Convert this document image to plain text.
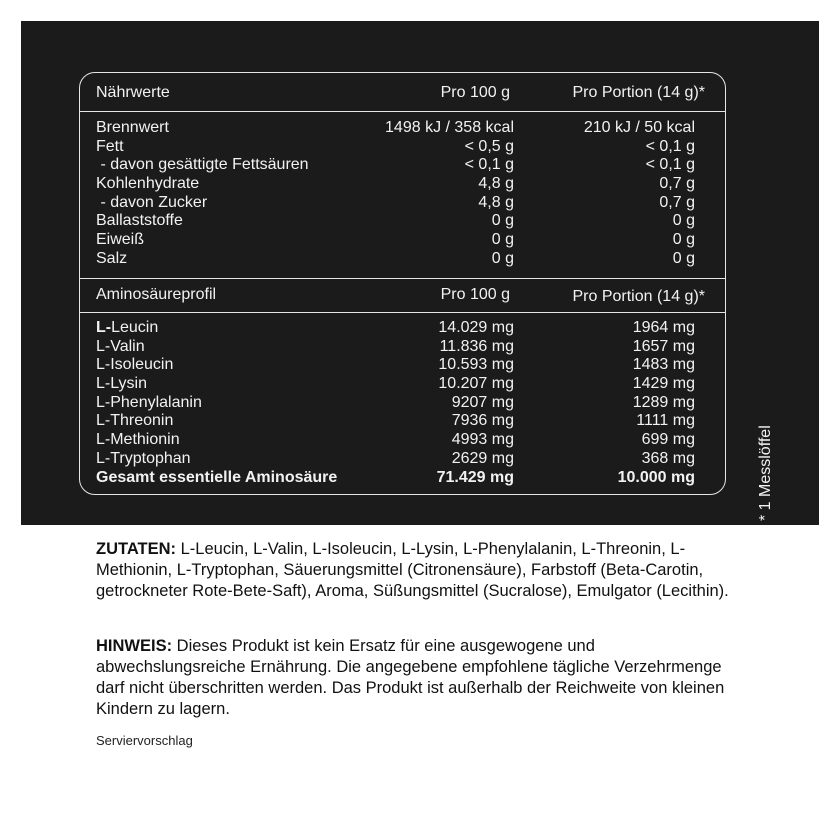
Nährwerte	Pro 100 g	Pro Portion (14 g)*
Brennwert	1498 kJ / 358 kcal	210 kJ / 50 kcal
Fett	< 0,5 g	< 0,1 g
- davon gesättigte Fettsäuren	< 0,1 g	< 0,1 g
Kohlenhydrate	4,8 g	0,7 g
- davon Zucker	4,8 g	0,7 g
Ballaststoffe	0 g	0 g
Eiweiß	0 g	0 g
Salz	0 g	0 g
Aminosäureprofil	Pro 100 g	Pro Portion (14 g)*
L-Leucin	14.029 mg	1964 mg
L-Valin	11.836 mg	1657 mg
L-Isoleucin	10.593 mg	1483 mg
L-Lysin	10.207 mg	1429 mg
L-Phenylalanin	9207 mg	1289 mg
L-Threonin	7936 mg	1111 mg
L-Methionin	4993 mg	699 mg
L-Tryptophan	2629 mg	368 mg
Gesamt essentielle Aminosäure	71.429 mg	10.000 mg	* 1 Messlöffel
ZUTATEN: L-Leucin, L-Valin, L-Isoleucin, L-Lysin, L-Phenylalanin, L-Threonin, L-Methionin, L-Tryptophan, Säuerungsmittel (Citronensäure), Farbstoff (Beta-Carotin, getrockneter Rote-Bete-Saft), Aroma, Süßungsmittel (Sucralose), Emulgator (Lecithin).
HINWEIS: Dieses Produkt ist kein Ersatz für eine ausgewogene und abwechslungsreiche Ernährung. Die angegebene empfohlene tägliche Verzehrmenge darf nicht überschritten werden. Das Produkt ist außerhalb der Reichweite von kleinen Kindern zu lagern.
Serviervorschlag
